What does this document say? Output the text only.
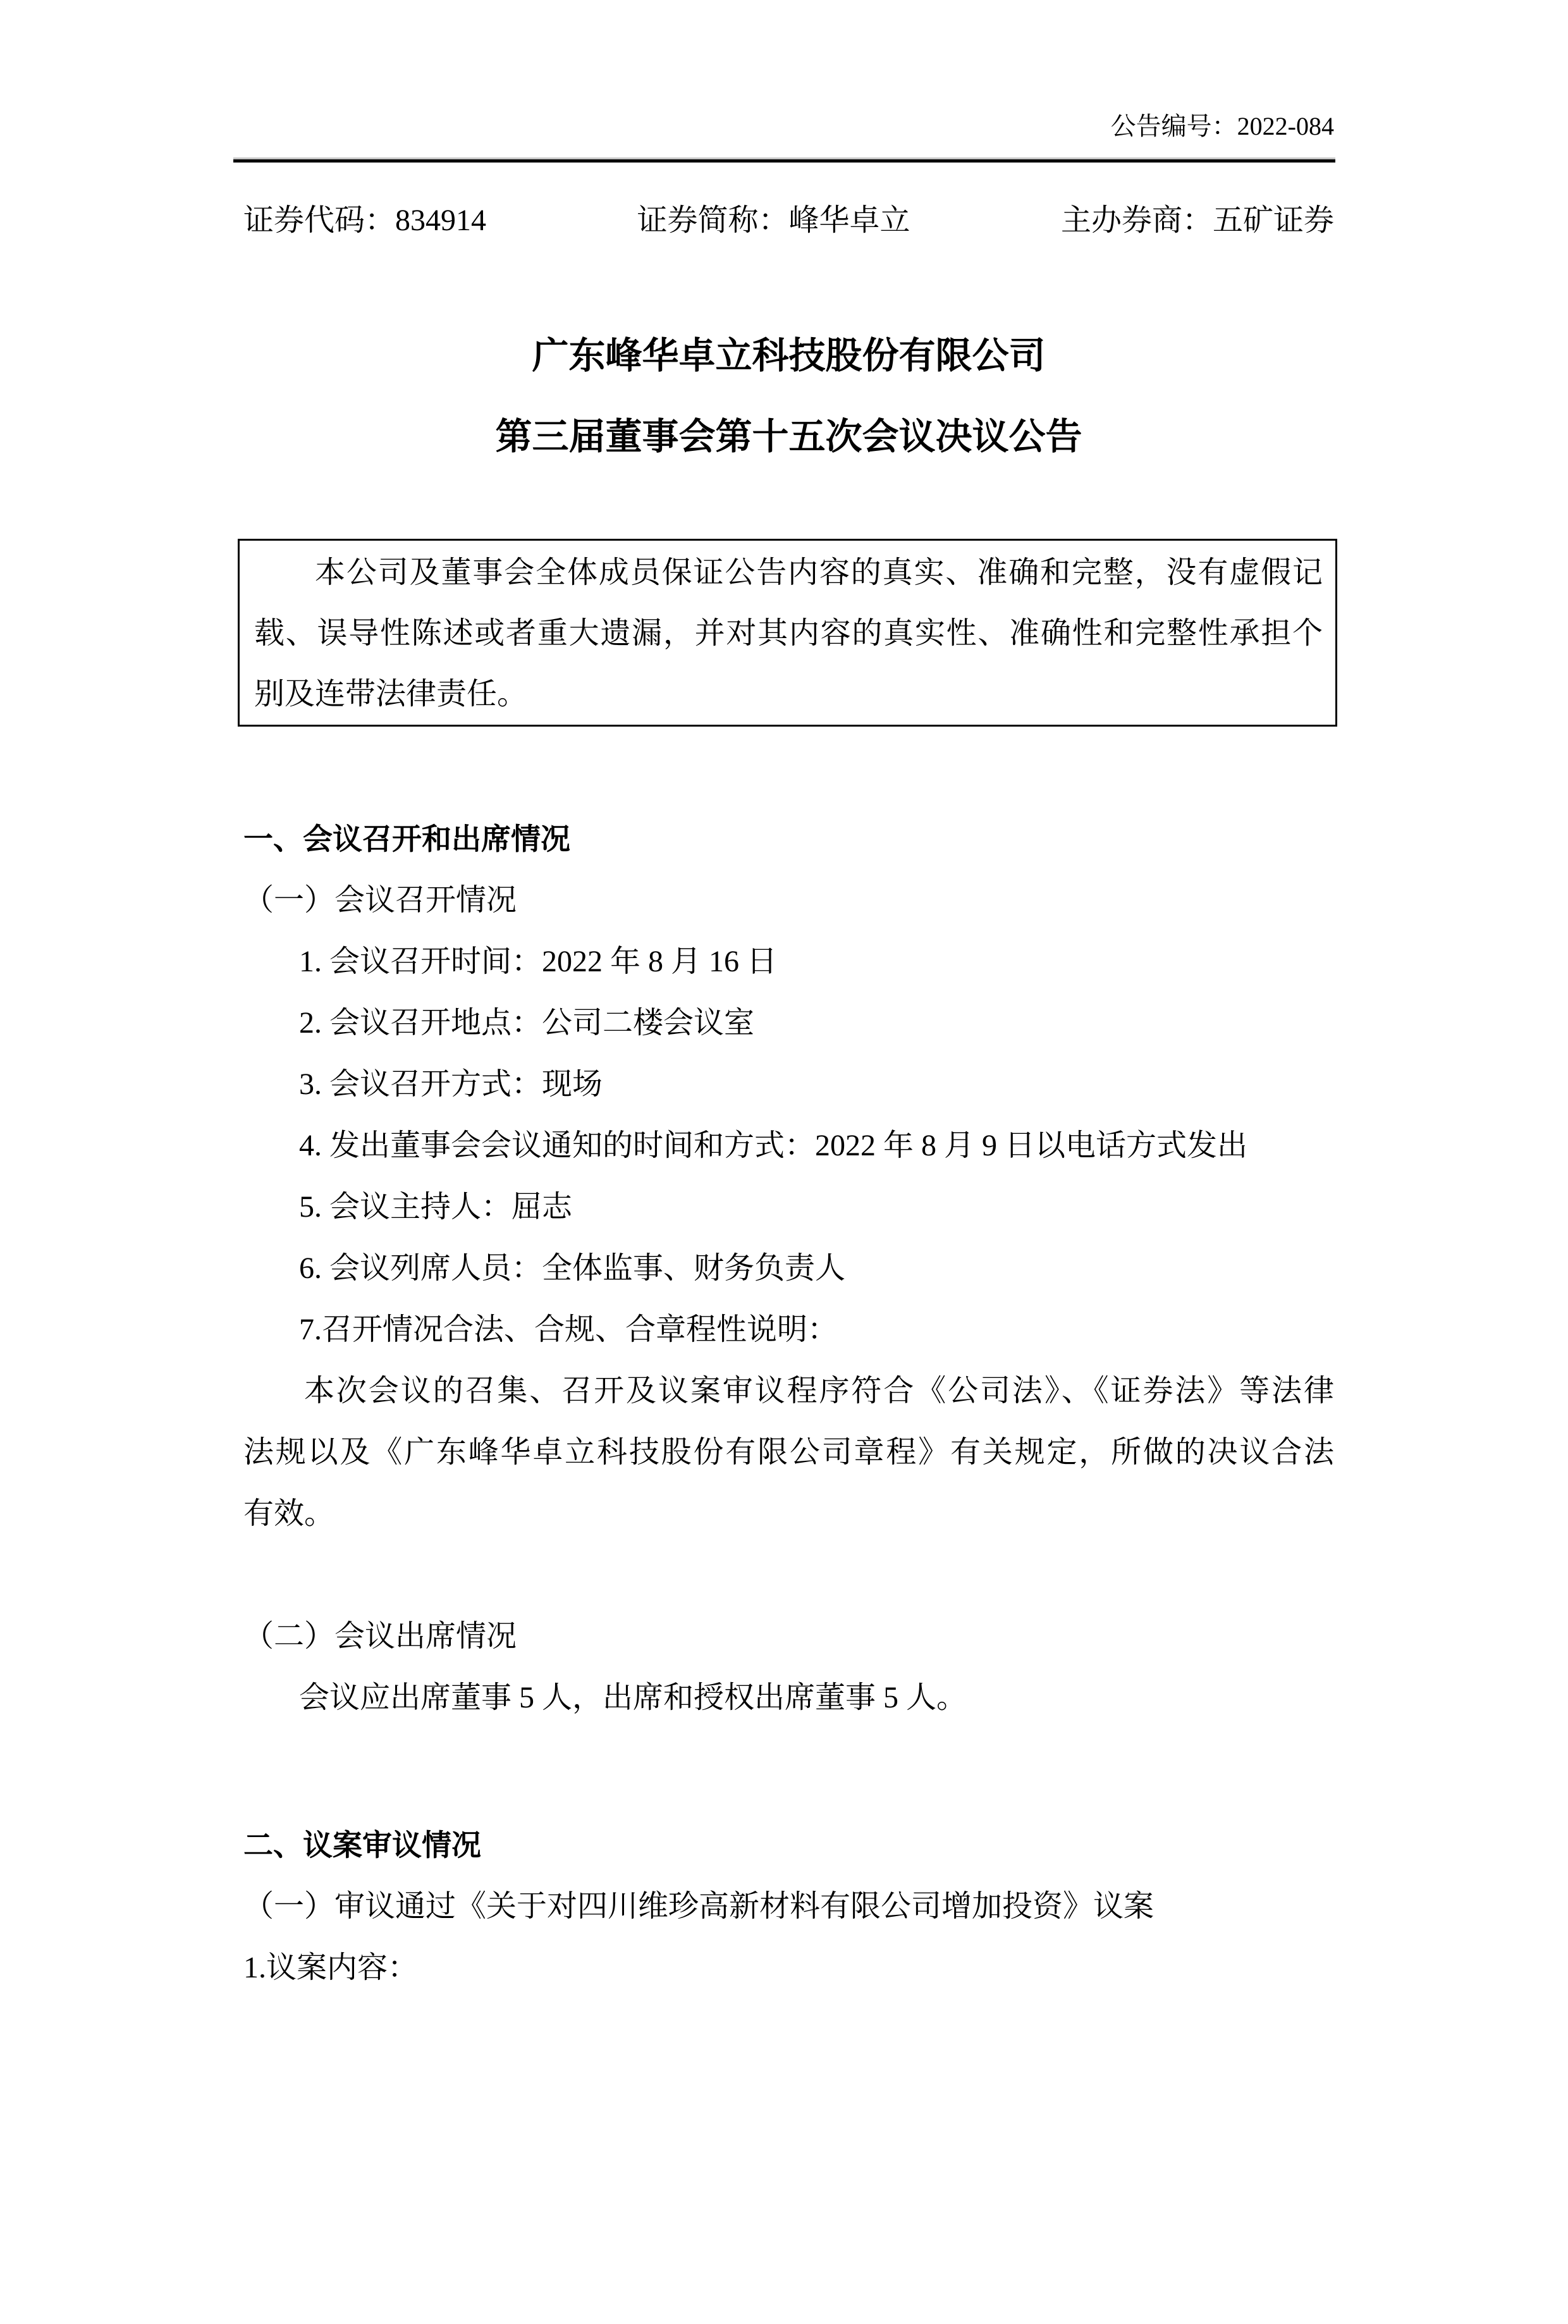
公告编号：2022-084
证券代码：834914	证券简称：峰华卓立	主办券商：五矿证券
广东峰华卓立科技股份有限公司
第三届董事会第十五次会议决议公告
本公司及董事会全体成员保证公告内容的真实、准确和完整，没有虚假记
载、误导性陈述或者重大遗漏，并对其内容的真实性、准确性和完整性承担个
别及连带法律责任。
一、会议召开和出席情况
（一）会议召开情况
1. 会议召开时间：2022 年 8 月 16 日
2. 会议召开地点：公司二楼会议室
3. 会议召开方式：现场
4. 发出董事会会议通知的时间和方式：2022 年 8 月 9 日以电话方式发出
5. 会议主持人：屈志
6. 会议列席人员：全体监事、财务负责人
7.召开情况合法、合规、合章程性说明：
本次会议的召集、召开及议案审议程序符合《公司法》、《证券法》等法律
法规以及《广东峰华卓立科技股份有限公司章程》有关规定，所做的决议合法
有效。
（二）会议出席情况
会议应出席董事 5 人，出席和授权出席董事 5 人。
二、议案审议情况
（一）审议通过《关于对四川维珍高新材料有限公司增加投资》议案
1.议案内容：
